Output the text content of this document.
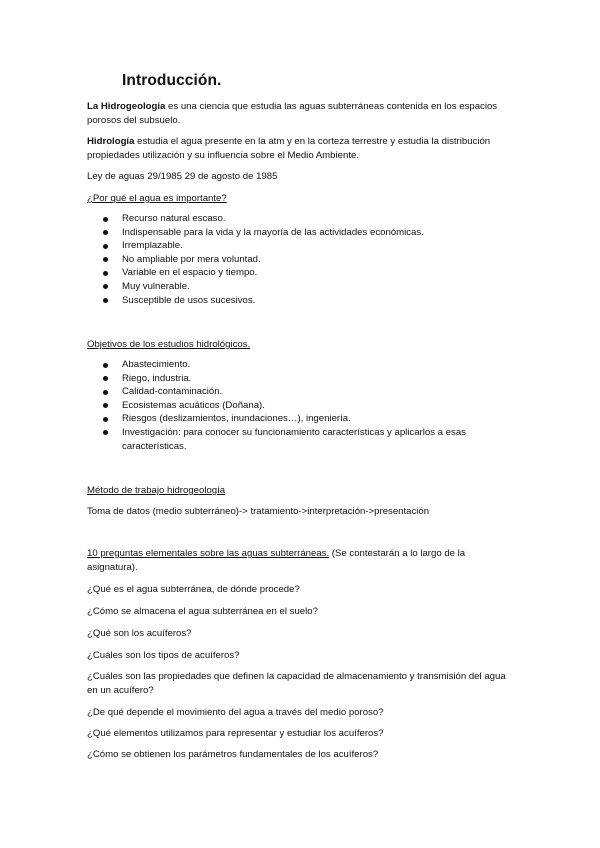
Introducción.

La Hidrogeología es una ciencia que estudia las aguas subterráneas contenida en los espacios porosos del subsuelo.

Hidrología estudia el agua presente en la atm y en la corteza terrestre y estudia la distribución propiedades utilización y su influencia sobre el Medio Ambiente.

Ley de aguas 29/1985 29 de agosto de 1985

¿Por qué el agua es importante?

Recurso natural escaso.
Indispensable para la vida y la mayoría de las actividades económicas.
Irremplazable.
No ampliable por mera voluntad.
Variable en el espacio y tiempo.
Muy vulnerable.
Susceptible de usos sucesivos.

Objetivos de los estudios hidrológicos.

Abastecimiento.
Riego, industria.
Calidad-contaminación.
Ecosistemas acuáticos (Doñana).
Riesgos (deslizamientos, inundaciones…), ingeniería.
Investigación: para conocer su funcionamiento características y aplicarlos a esas características.

Método de trabajo hidrogeología

Toma de datos (medio subterráneo)-> tratamiento->interpretación->presentación

10 preguntas elementales sobre las aguas subterráneas. (Se contestarán a lo largo de la asignatura).

¿Qué es el agua subterránea, de dónde procede?

¿Cómo se almacena el agua subterránea en el suelo?

¿Qué son los acuíferos?

¿Cuáles son los tipos de acuíferos?

¿Cuáles son las propiedades que definen la capacidad de almacenamiento y transmisión del agua en un acuífero?

¿De qué depende el movimiento del agua a través del medio poroso?

¿Qué elementos utilizamos para representar y estudiar los acuíferos?

¿Cómo se obtienen los parámetros fundamentales de los acuíferos?
